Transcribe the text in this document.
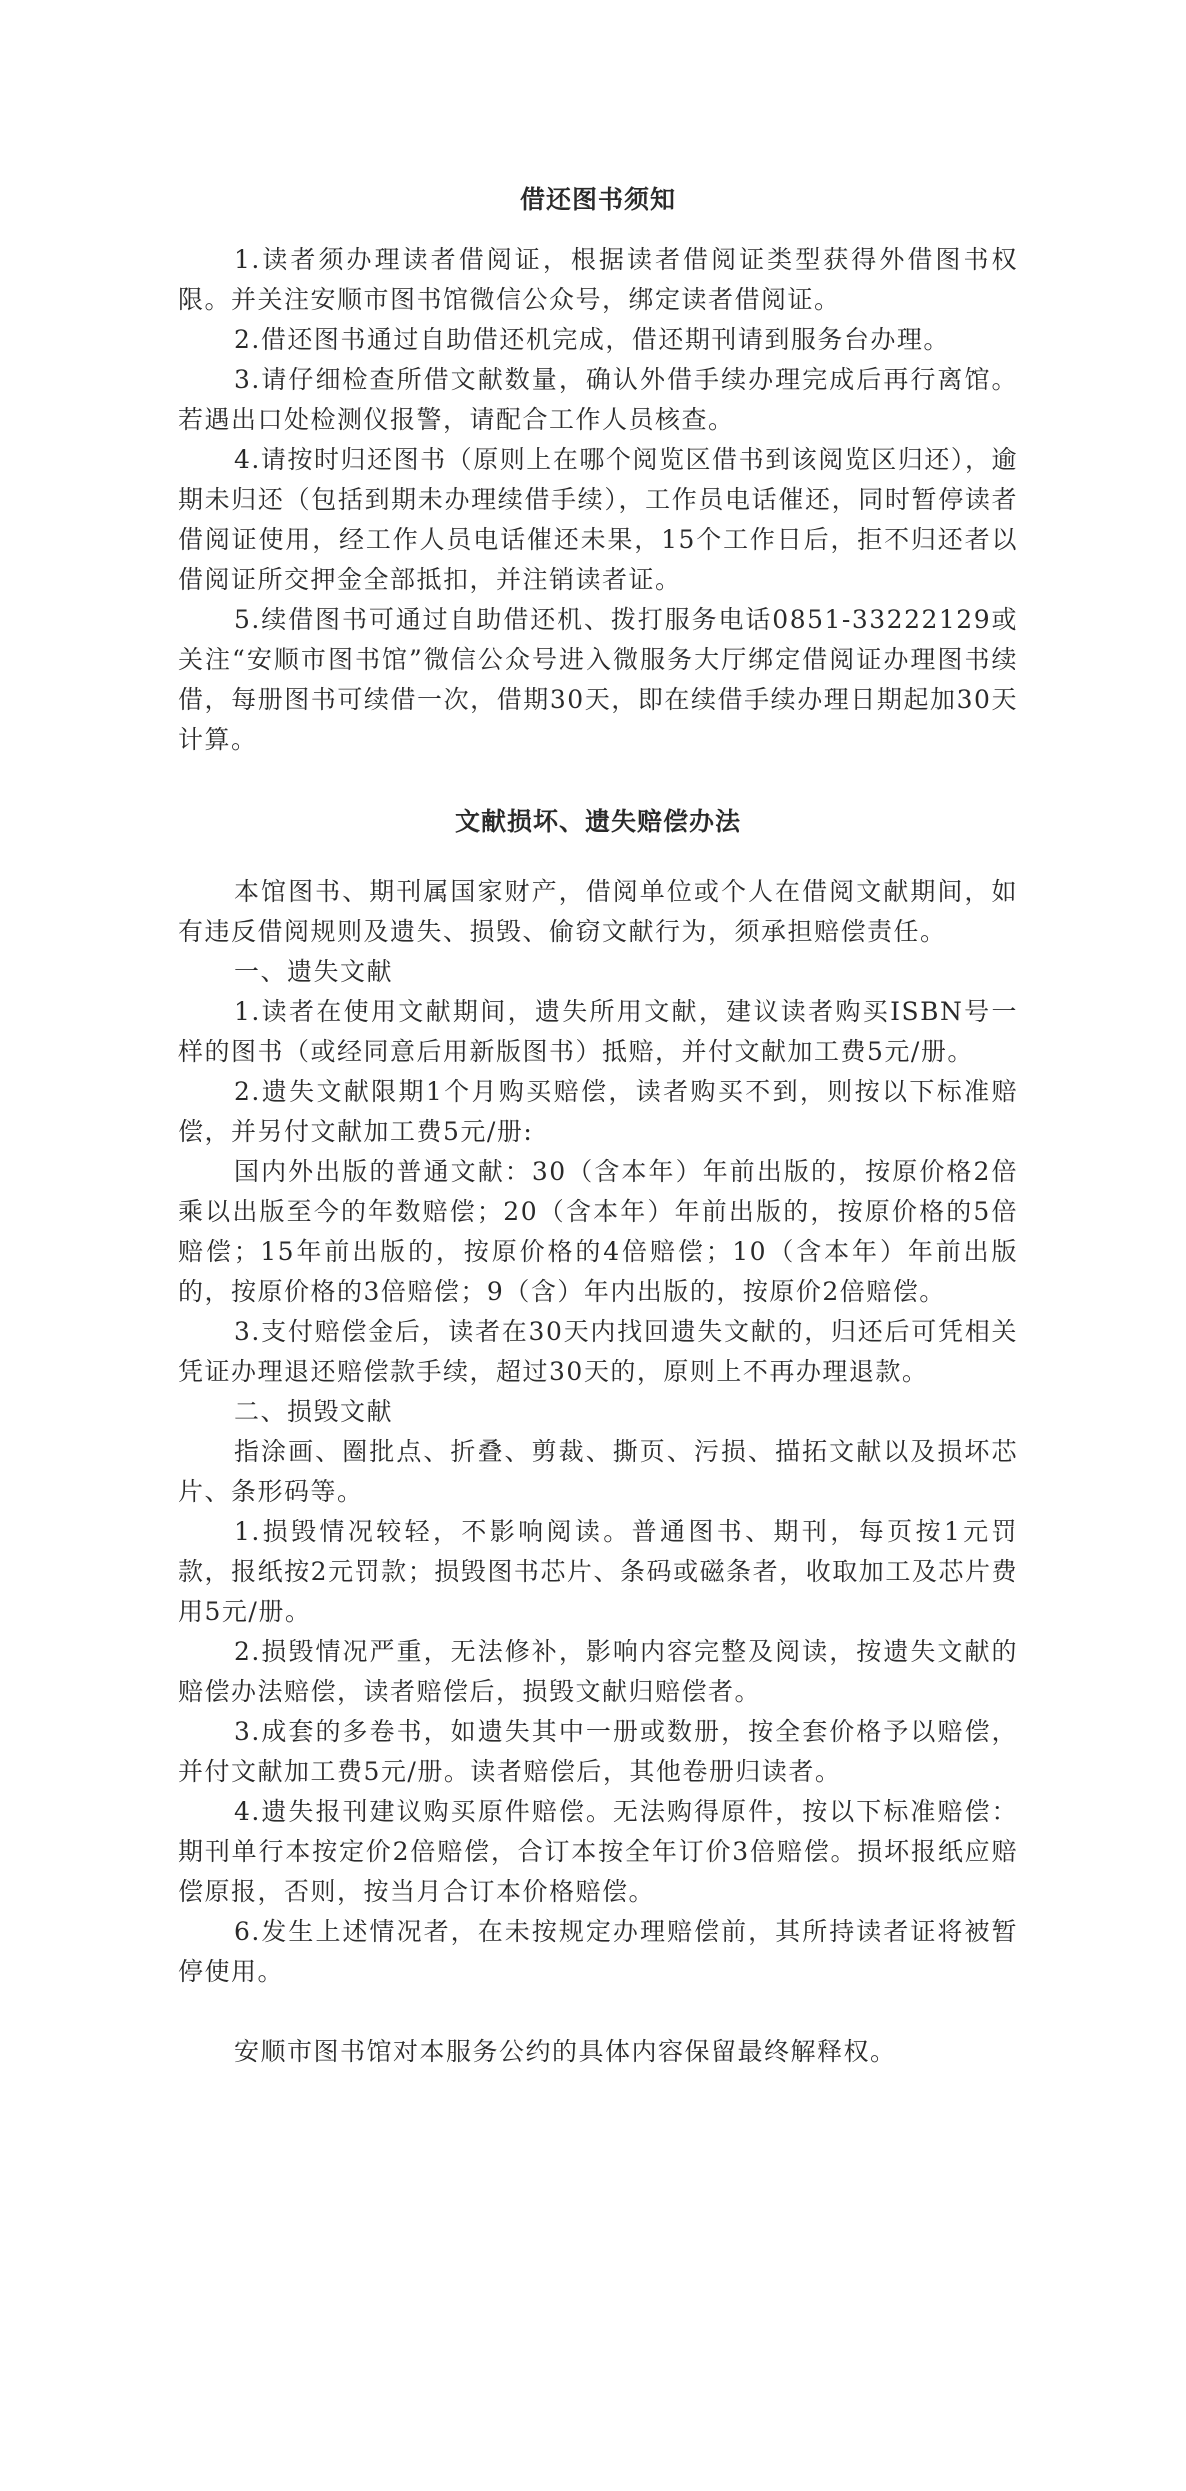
借还图书须知

1.读者须办理读者借阅证，根据读者借阅证类型获得外借图书权限。并关注安顺市图书馆微信公众号，绑定读者借阅证。

2.借还图书通过自助借还机完成，借还期刊请到服务台办理。

3.请仔细检查所借文献数量，确认外借手续办理完成后再行离馆。若遇出口处检测仪报警，请配合工作人员核查。

4.请按时归还图书（原则上在哪个阅览区借书到该阅览区归还），逾期未归还（包括到期未办理续借手续），工作员电话催还，同时暂停读者借阅证使用，经工作人员电话催还未果，15个工作日后，拒不归还者以借阅证所交押金全部抵扣，并注销读者证。

5.续借图书可通过自助借还机、拨打服务电话0851-33222129或关注“安顺市图书馆”微信公众号进入微服务大厅绑定借阅证办理图书续借，每册图书可续借一次，借期30天，即在续借手续办理日期起加30天计算。

文献损坏、遗失赔偿办法

本馆图书、期刊属国家财产，借阅单位或个人在借阅文献期间，如有违反借阅规则及遗失、损毁、偷窃文献行为，须承担赔偿责任。

一、遗失文献

1.读者在使用文献期间，遗失所用文献，建议读者购买ISBN号一样的图书（或经同意后用新版图书）抵赔，并付文献加工费5元/册。

2.遗失文献限期1个月购买赔偿，读者购买不到，则按以下标准赔偿，并另付文献加工费5元/册:

国内外出版的普通文献：30（含本年）年前出版的，按原价格2倍乘以出版至今的年数赔偿；20（含本年）年前出版的，按原价格的5倍赔偿；15年前出版的，按原价格的4倍赔偿；10（含本年）年前出版的，按原价格的3倍赔偿；9（含）年内出版的，按原价2倍赔偿。

3.支付赔偿金后，读者在30天内找回遗失文献的，归还后可凭相关凭证办理退还赔偿款手续，超过30天的，原则上不再办理退款。

二、损毁文献

指涂画、圈批点、折叠、剪裁、撕页、污损、描拓文献以及损坏芯片、条形码等。

1.损毁情况较轻，不影响阅读。普通图书、期刊，每页按1元罚款，报纸按2元罚款；损毁图书芯片、条码或磁条者，收取加工及芯片费用5元/册。

2.损毁情况严重，无法修补，影响内容完整及阅读，按遗失文献的赔偿办法赔偿，读者赔偿后，损毁文献归赔偿者。

3.成套的多卷书，如遗失其中一册或数册，按全套价格予以赔偿，并付文献加工费5元/册。读者赔偿后，其他卷册归读者。

4.遗失报刊建议购买原件赔偿。无法购得原件，按以下标准赔偿：期刊单行本按定价2倍赔偿，合订本按全年订价3倍赔偿。损坏报纸应赔偿原报，否则，按当月合订本价格赔偿。

6.发生上述情况者，在未按规定办理赔偿前，其所持读者证将被暂停使用。

安顺市图书馆对本服务公约的具体内容保留最终解释权。
